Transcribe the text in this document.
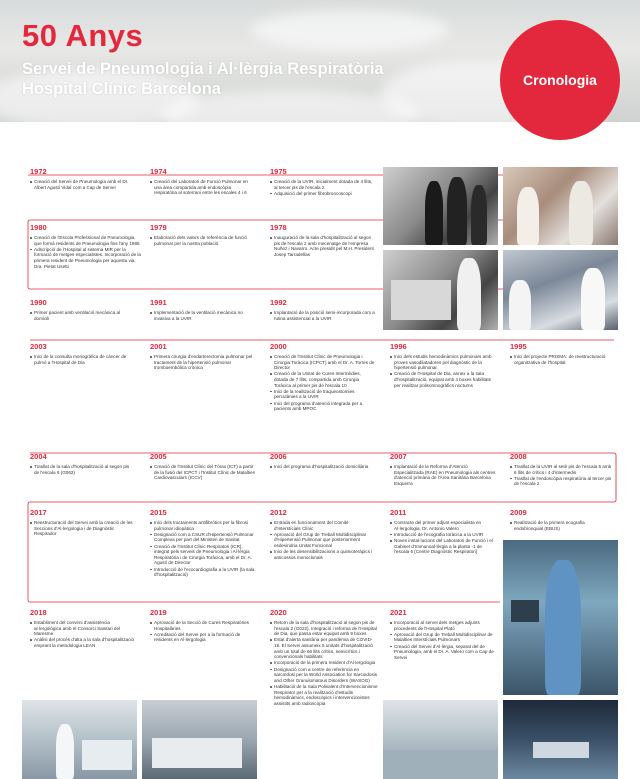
50 Anys
Servei de Pneumologia i Al·lèrgia Respiratòria
Hospital Clínic Barcelona	Cronologia
1972
Creació del Servei de Pneumologia amb el Dr. Albert Agustí Vidal com a Cap de Servei
1974
Creació del Laboratori de Funció Pulmonar en una àrea compartida amb endoscòpia respiratòria al soterrani entre les escales 4 i 6
1975
Creació de la UVIR, inicialment dotada de 4 llits, al tercer pis de l'escala 2
Adquisició del primer fibrobroncoscopi
1980
Creació de l'Escola Professional de Pneumologia, que formà residents de Pneumologia fins l'any 1985
Adscripció de l'Hospital al sistema MIR per la formació de metges especialistes. Incorporació de la primera resident de Pneumologia per aquesta via, Dra. Pietat Usetti
1979
Elaboració dels valors de referència de funció pulmonar per la nostra població
1978
Inauguració de la sala d'hospitalització al segon pis de l'escala 2 amb mecenatge de l'empresa Nuñez i Navarro. Acte presidit pel M.H. President Josep Tarradellas
1990
Primer pacient amb ventilació mecànica al domicili
1991
Implementació de la ventilació mecànica no invasiva a la UVIR
1992
Implantació de la posició semi-incorporada com a rutina assistencial a la UVIR
2003
Inici de la consulta monogràfica de càncer de pulmó a l'Hospital de Dia
2001
Primera cirurgia d'endarterectomia pulmonar pel tractament de la hipertensió pulmonar tromboembòlica crònica
2000
Creació de l'Institut Clínic de Pneumologia i Cirurgia Toràcica (ICPCT) amb el Dr. A. Torres de Director
Creació de la Unitat de Cures Intermèdies, dotada de 7 llits, compartida amb Cirurgia Toràcica al primer pis de l'escala 10
Inici de la realització de traqueostomies percutànies a la UVIR
Inici del programa d'atenció integrada per a pacients amb MPOC
1996
Inici dels estudis hemodinàmics pulmonars amb proves vasodilatadores pel diagnòstic de la hipertensió pulmonar
Creació de l'Hospital de Dia, annex a la sala d'hospitalització, equipat amb 4 boxes habilitats per realitzar polisomnogràfics nocturns
1995
Inici del projecte PRISMA: de reestructuració organitzativa de l'hospital
2004
Trasllat de la sala d'hospitalització al segon pis de l'escala 6 (G062)
2005
Creació de l'Institut Clínic del Tòrax (ICT) a partir de la fusió del ICPCT i l'Institut Clínic de Malalties Cardiovasculars (ICCV)
2006
Inici del programa d'hospitalització domiciliària
2007
Implantació de la Reforma d'Atenció Especialitzada (RAE) en Pneumologia als centres d'atenció primària de l'Àrea Sanitària Barcelona Esquerra
2008
Trasllat de la UVIR al setè pis de l'escala 5 amb 6 llits de crítics i 4 d'intermedis
Trasllat de l'endoscòpia respiratòria al tercer pis de l'escala 2
2017
Reestructuració del Servei amb la creació de les Seccions d'Al·lergologia i de Diagnòstic Respirador
2015
Inici dels tractaments antifibròtics per la fibrosi pulmonar idiopàtica
Designació com a CSUR d'Hipertensió Pulmonar Complexa per part del Ministeri de Sanitat
Creació de l'Institut Clínic Respiratori (ICR), integrat pels serveis de Pneumologia i Al·lèrgia Respiratòria i de Cirurgia Toràcica, amb el Dr. A. Agustí de Director
Introducció de l'ecocardiografia a la UVIR (la sala d'hospitalització)
2012
Entrada en funcionament del Comitè d'Interstícials Clínic
Aprovació del Grup de Treball Multidisciplinar d'Hipertensió Pulmonar que posteriorment esdevindria Unitat Funcional
Inici de les desensibilitzacions a quimioteràpics i anticossos monoclonals
2011
Contracte del primer adjunt especialista en Al·lergologia, Dr. Antonio Valero
Introducció de l'ecografia toràcica a la UVIR
Noves instal·lacions del Laboratori de Funció i el Gabinet d'Immunoal·lèrgia a la planta -1 de l'escala 6 (Centre Diagnòstic Respiratori)
2009
Realització de la primera ecografia endobronquial (EBUS)
2018
Establiment del conveni d'assistència al·lergològica amb el Consorci Sanitari del Maresme
Anàlisi del procés d'alta a la sala d'hospitalització emprant la metodologia LEAN
2019
Aprovació de la Secció de Cures Respiratòries Hospitalàries
Acreditació del Servei per a la formació de residents en Al·lergologia
2020
Retorn de la sala d'hospitalització al segon pis de l'escala 2 (G022). Integració i reforma de l'Hospital de Dia, que passa estar equipat amb 9 boxes
Estat d'alerta sanitària per pandèmia de COVID-19. El Servei assumeix 5 unitats d'hospitalització amb un total de 66 llits crítics, semicrítics i convencionals habilitats
Incorporació de la primera resident d'Al·lergologia
Designació com a centre de referència en sarcoïdosi per la World Association for Sarcoidosis and Other Granulomatous Disorders (WASOG)
Habilitació de la Sala Polivalent d'Intervencionisme Respirator per a la realització d'estudis hemodinàmics, endoscòpics i intervencionistes assistits amb radioscòpia
2021
Incorporació al servei dels metges adjunts procedents de l'Hospital Plató
Aprovació del Grup de Treball Multidisciplinar de Malalties Interstícials Pulmonars
Creació del Servei d'Al·lèrgia, separat del de Pneumologia, amb el Dr. A. Valero com a Cap de Servei
